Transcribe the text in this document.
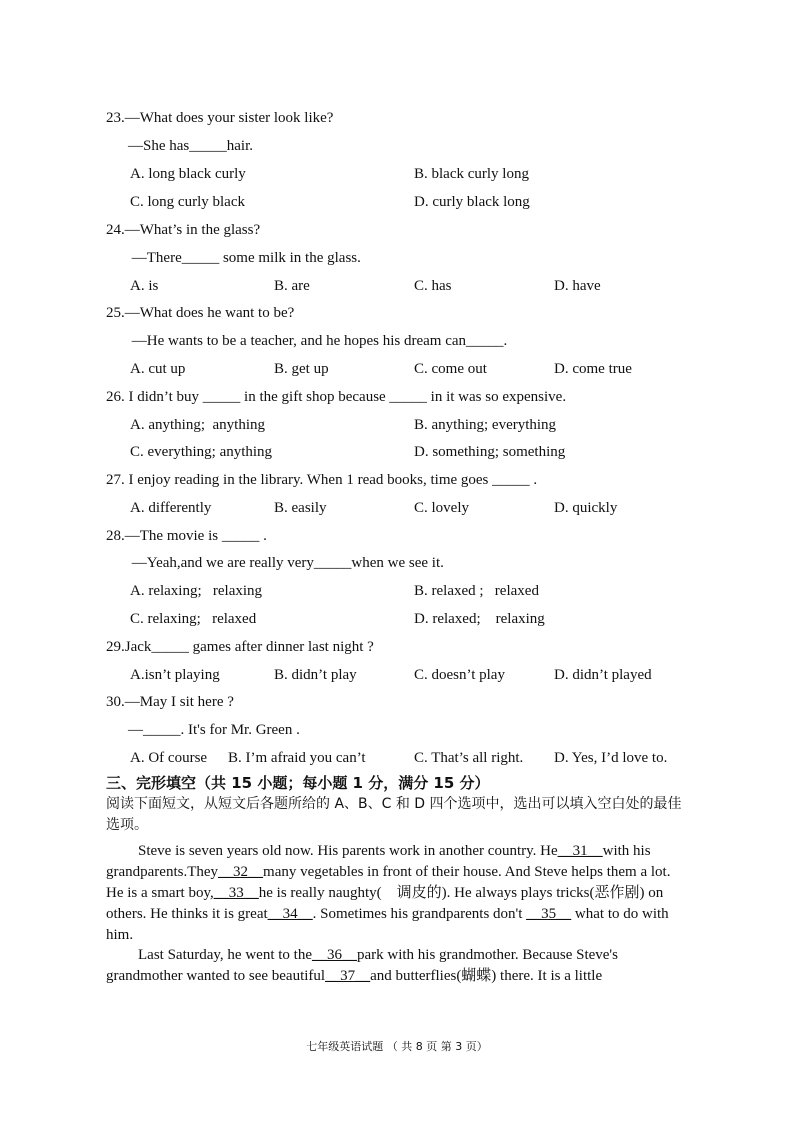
23.—What does your sister look like?
—She has_____hair.
A. long black curly	B. black curly long
C. long curly black	D. curly black long
24.—What’s in the glass?
—There_____ some milk in the glass.
A. is	B. are	C. has	D. have
25.—What does he want to be?
—He wants to be a teacher, and he hopes his dream can_____.
A. cut up	B. get up	C. come out	D. come true
26. I didn’t buy _____ in the gift shop because _____ in it was so expensive.
A. anything;  anything	B. anything; everything
C. everything; anything	D. something; something
27. I enjoy reading in the library. When 1 read books, time goes _____ .
A. differently	B. easily	C. lovely	D. quickly
28.—The movie is _____ .
—Yeah,and we are really very_____when we see it.
A. relaxing;   relaxing	B. relaxed ;   relaxed
C. relaxing;   relaxed	D. relaxed;    relaxing
29.Jack_____ games after dinner last night ?
A.isn’t playing	B. didn’t play	C. doesn’t play	D. didn’t played
30.—May I sit here ?
—_____. It's for Mr. Green .
A. Of course B. I’m afraid you can’t	C. That’s all right. D. Yes, I’d love to.
三、完形填空（共 15 小题；每小题 1 分，满分 15 分）
阅读下面短文，从短文后各题所给的 A、B、C 和 D 四个选项中，选出可以填入空白处的最佳选项。
Steve is seven years old now. His parents work in another country. He__31__with his grandparents.They__32__many vegetables in front of their house. And Steve helps them a lot. He is a smart boy,__33__he is really naughty(　调皮的). He always plays tricks(恶作剧) on others. He thinks it is great__34__. Sometimes his grandparents don't __35__ what to do with him.
Last Saturday, he went to the__36__park with his grandmother. Because Steve's grandmother wanted to see beautiful__37__and butterflies(蝴蝶) there. It is a little
七年级英语试题 （ 共 8 页 第 3 页）
